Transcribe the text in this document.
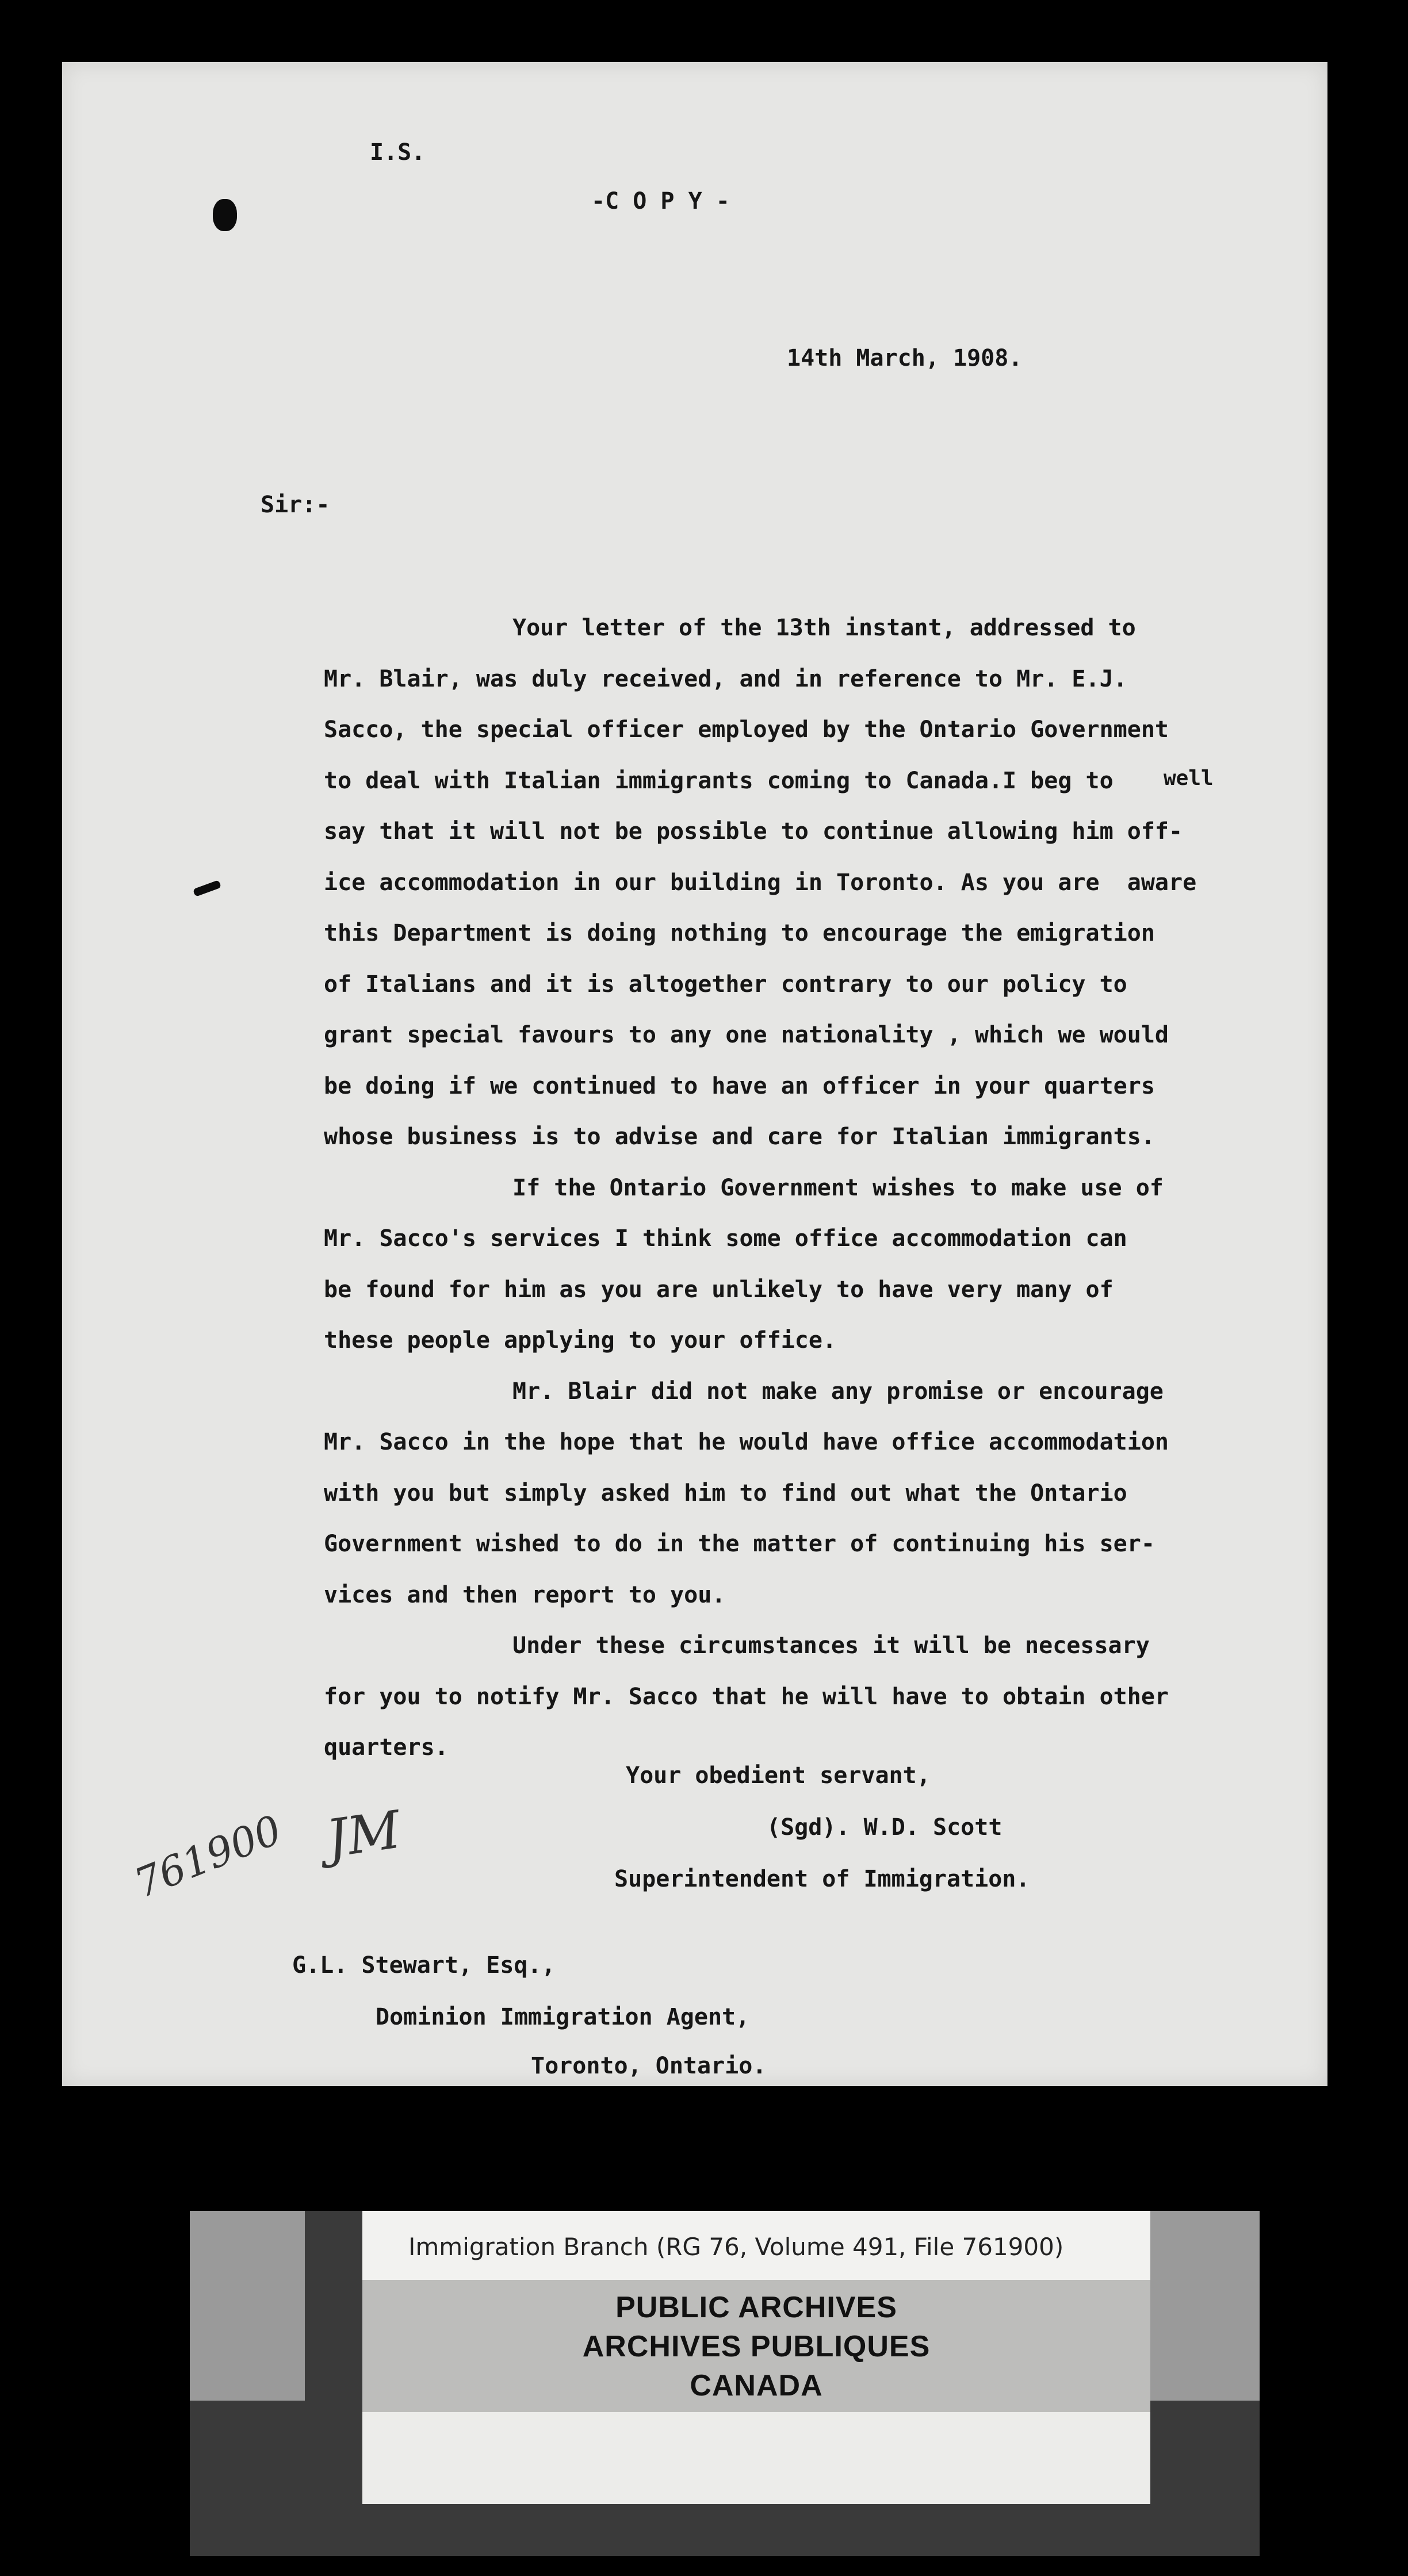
I.S.
-C O P Y -
14th March, 1908.
Sir:-
well
Your letter of the 13th instant, addressed to
Mr. Blair, was duly received, and in reference to Mr. E.J.
Sacco, the special officer employed by the Ontario Government
to deal with Italian immigrants coming to Canada.I beg to
say that it will not be possible to continue allowing him off-
ice accommodation in our building in Toronto. As you are  aware
this Department is doing nothing to encourage the emigration
of Italians and it is altogether contrary to our policy to
grant special favours to any one nationality , which we would
be doing if we continued to have an officer in your quarters
whose business is to advise and care for Italian immigrants.
If the Ontario Government wishes to make use of
Mr. Sacco's services I think some office accommodation can
be found for him as you are unlikely to have very many of
these people applying to your office.
Mr. Blair did not make any promise or encourage
Mr. Sacco in the hope that he would have office accommodation
with you but simply asked him to find out what the Ontario
Government wished to do in the matter of continuing his ser-
vices and then report to you.
Under these circumstances it will be necessary
for you to notify Mr. Sacco that he will have to obtain other
quarters.
Your obedient servant,
(Sgd). W.D. Scott
Superintendent of Immigration.
761900 JM
G.L. Stewart, Esq.,
Dominion Immigration Agent,
Toronto, Ontario.
Immigration Branch (RG 76, Volume 491, File 761900)
PUBLIC ARCHIVES
ARCHIVES PUBLIQUES
CANADA
